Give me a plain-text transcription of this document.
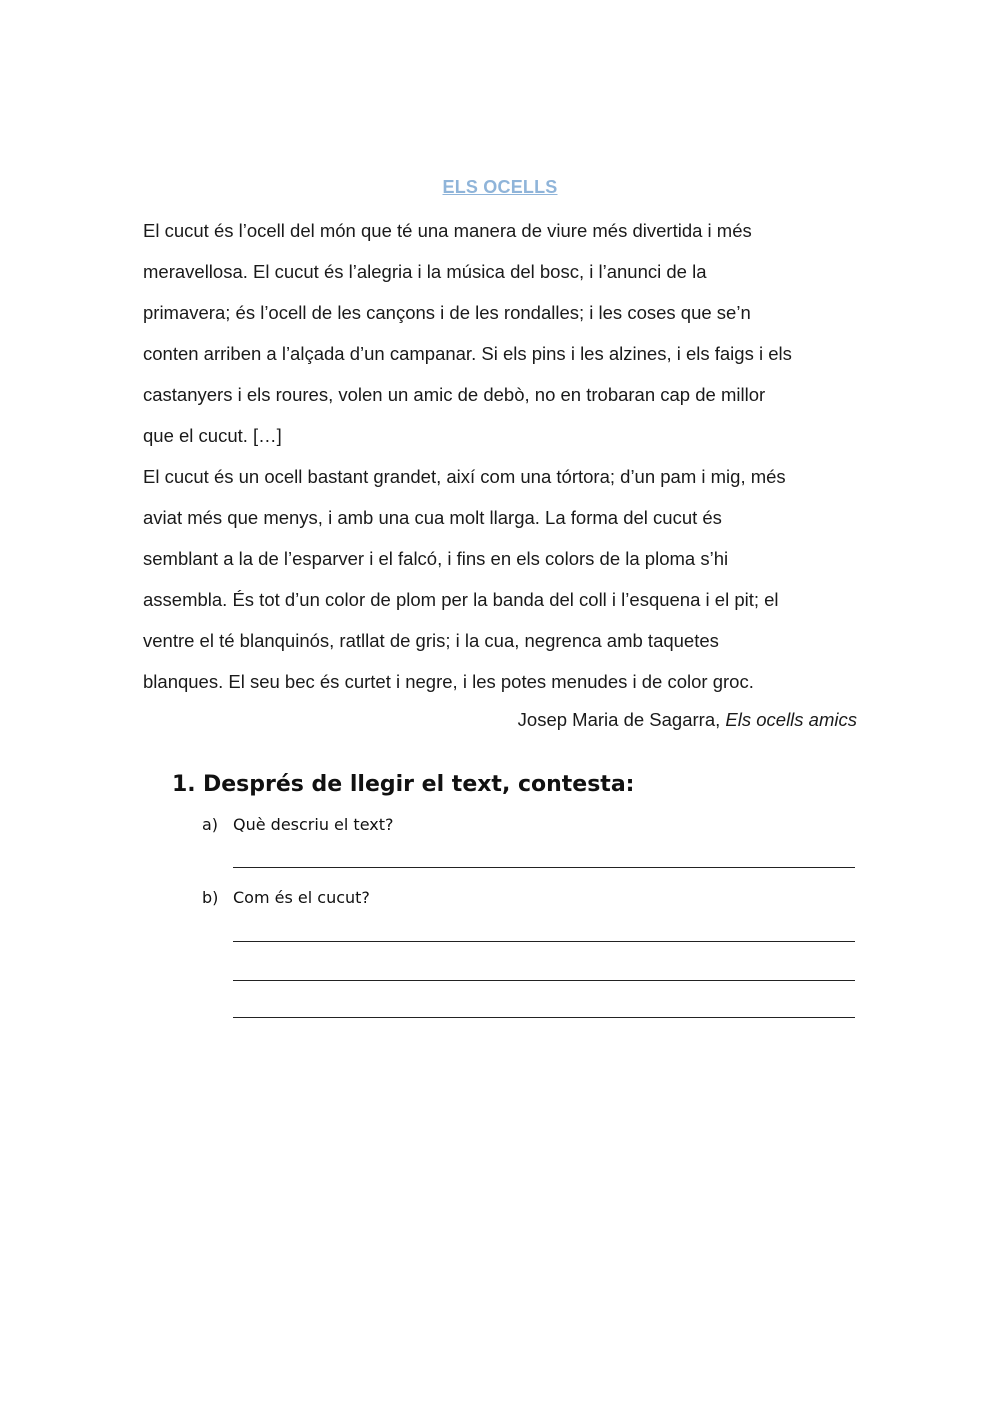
ELS OCELLS
El cucut és l’ocell del món que té una manera de viure més divertida i més
meravellosa. El cucut és l’alegria i la música del bosc, i l’anunci de la
primavera; és l’ocell de les cançons i de les rondalles; i les coses que se’n
conten arriben a l’alçada d’un campanar. Si els pins i les alzines, i els faigs i els
castanyers i els roures, volen un amic de debò, no en trobaran cap de millor
que el cucut. […]
El cucut és un ocell bastant grandet, així com una tórtora; d’un pam i mig, més
aviat més que menys, i amb una cua molt llarga. La forma del cucut és
semblant a la de l’esparver i el falcó, i fins en els colors de la ploma s’hi
assembla. És tot d’un color de plom per la banda del coll i l’esquena i el pit; el
ventre el té blanquinós, ratllat de gris; i la cua, negrenca amb taquetes
blanques. El seu bec és curtet i negre, i les potes menudes i de color groc.
Josep Maria de Sagarra, Els ocells amics
1. Després de llegir el text, contesta:
a) Què descriu el text?
b) Com és el cucut?
